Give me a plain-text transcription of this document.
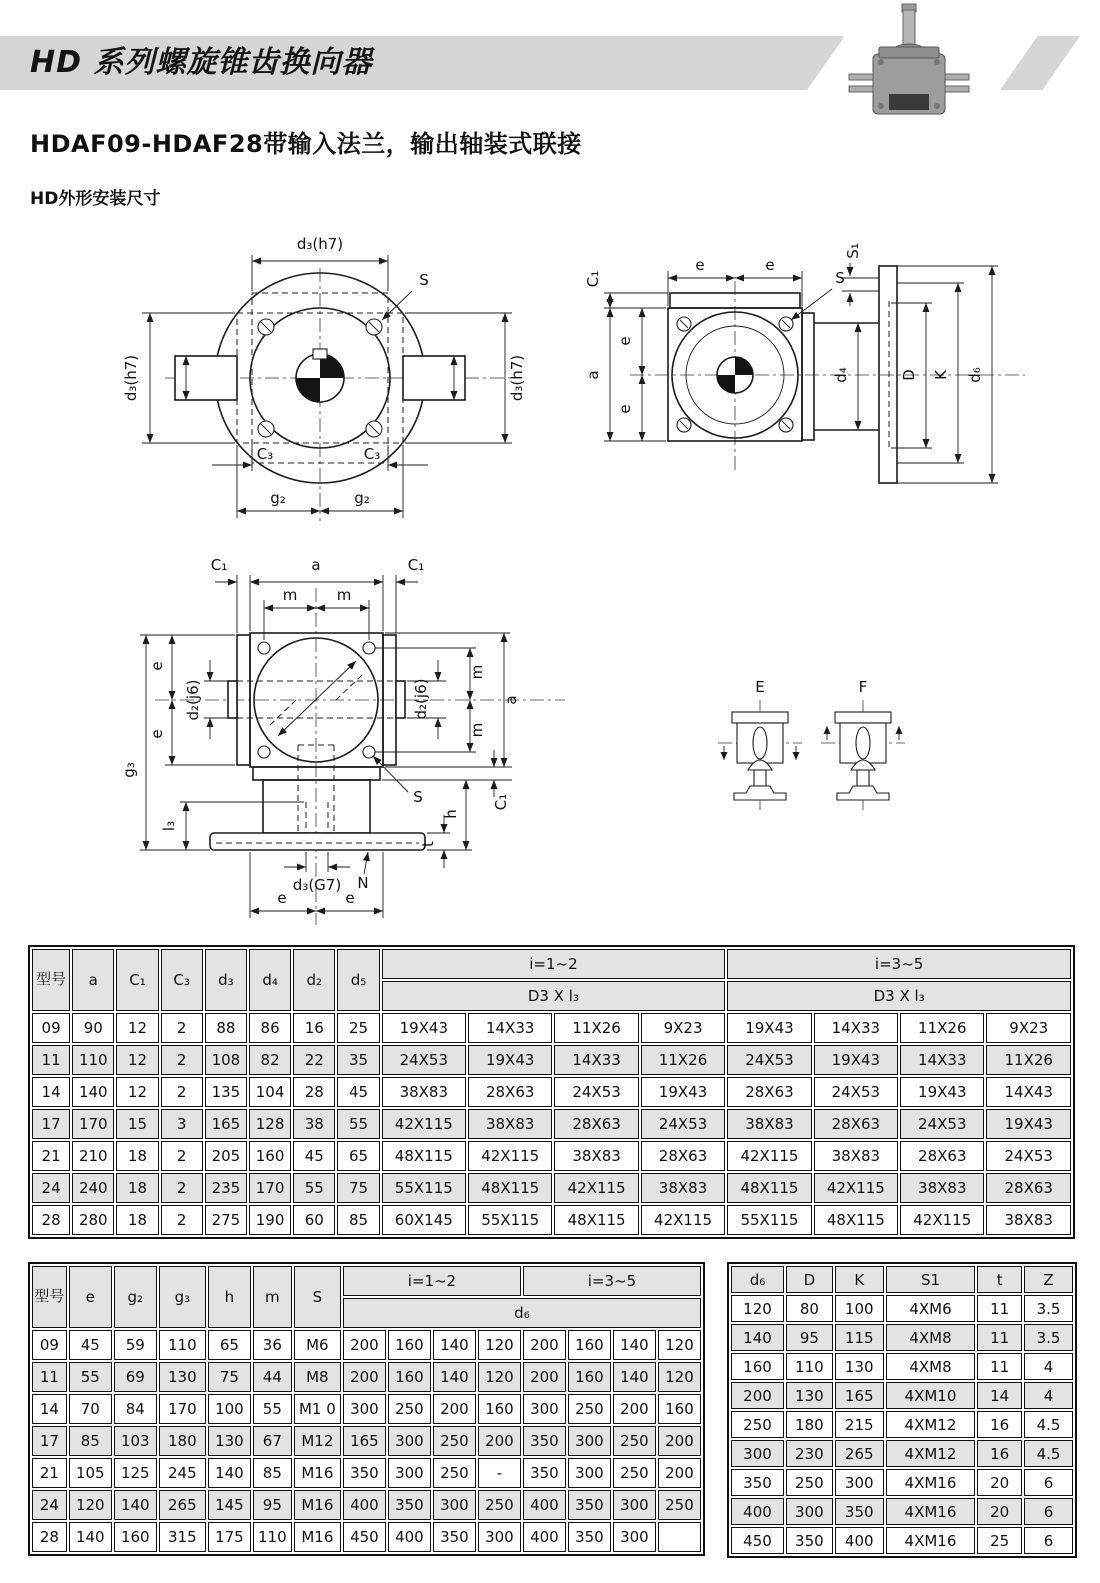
HD 系列螺旋锥齿换向器
HDAF09-HDAF28带输入法兰，输出轴装式联接
HD外形安装尺寸
d₃(h7)
d₃(h7)	d₃(h7)
C₃	C₃
g₂	g₂
S	C₁
a
e
e
e	e
S₁
S
d₄	D K d₆
C₁	a	C₁
m	m
e
e
d₂(j6)
g₃
l₃
d₂(j6)
m
m
a
S	C₁
h
t
d₃(G7) N
e	e
E	F
型号	a	C₁	C₃	d₃	d₄	d₂	d₅	i=1~2				i=3~5			
								D3 X l₃				D3 X l₃			
09	90	12	2	88	86	16	25	19X43	14X33	11X26	9X23	19X43	14X33	11X26	9X23
11	110	12	2	108	82	22	35	24X53	19X43	14X33	11X26	24X53	19X43	14X33	11X26
14	140	12	2	135	104	28	45	38X83	28X63	24X53	19X43	28X63	24X53	19X43	14X43
17	170	15	3	165	128	38	55	42X115	38X83	28X63	24X53	38X83	28X63	24X53	19X43
21	210	18	2	205	160	45	65	48X115	42X115	38X83	28X63	42X115	38X83	28X63	24X53
24	240	18	2	235	170	55	75	55X115	48X115	42X115	38X83	48X115	42X115	38X83	28X63
28	280	18	2	275	190	60	85	60X145	55X115	48X115	42X115	55X115	48X115	42X115	38X83
型号	e	g₂	g₃	h	m	S	i=1~2				i=3~5			
							d₆							
09	45	59	110	65	36	M6	200	160	140	120	200	160	140	120
11	55	69	130	75	44	M8	200	160	140	120	200	160	140	120
14	70	84	170	100	55	M1 0	300	250	200	160	300	250	200	160
17	85	103	180	130	67	M12	165	300	250	200	350	300	250	200
21	105	125	245	140	85	M16	350	300	250	-	350	300	250	200
24	120	140	265	145	95	M16	400	350	300	250	400	350	300	250
28	140	160	315	175	110	M16	450	400	350	300	400	350	300	
d₆	D	K	S1	t	Z
120	80	100	4XM6	11	3.5
140	95	115	4XM8	11	3.5
160	110	130	4XM8	11	4
200	130	165	4XM10	14	4
250	180	215	4XM12	16	4.5
300	230	265	4XM12	16	4.5
350	250	300	4XM16	20	6
400	300	350	4XM16	20	6
450	350	400	4XM16	25	6
